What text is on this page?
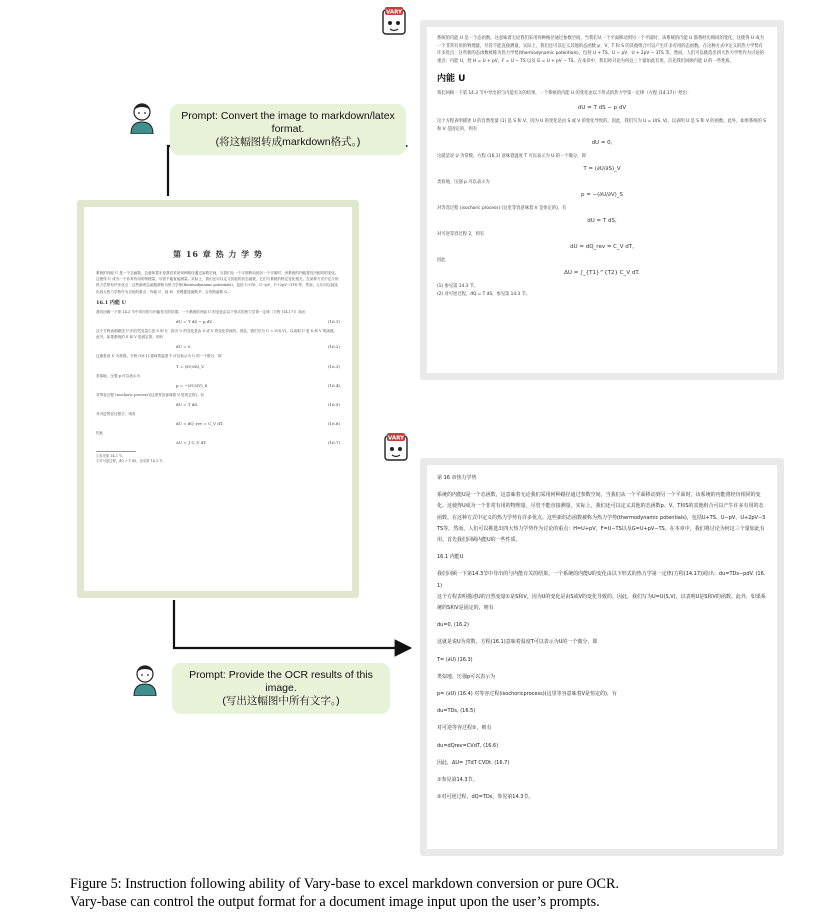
Prompt: Convert the image to markdown/latex format.
(将这幅图转成markdown格式。)
Prompt: Provide the OCR results of this image.
(写出这幅图中所有文字。)
VARY
VARY
第 16 章 热 力 学 势
系统的内能 U 是一个态函数，这意味着无论我们采用何种路径通过参数空间，当我们从一个平面移动到另一个平面时，该系统的内能将经历相同的变化。这使得 U 成为一个非常有用的物理量，尽管不能直接测量。实际上，我们还可以定义其他的状态函数，它们与系统的特定变化相关。在某种方式中定义的热力学势有许多优点：这些新的态函数被称为热力学势(thermodynamic potentials)，包括 U+TS、U−pV、U+2pV−3TS 等。然而，人们可以挑选出四大热力学势作为讨论的重点：内能 U、焓 H、亥姆霍兹函数 F、吉布斯函数 G。
16.1 内能 U
我们回顾一下第 14.3 节中导出的与内能有关的结果。一个系统的内能 U 的变化由以下形式的热力学第一定律（方程 (14.17)）给出：
dU = T dS − p dV	(16.1)
这个方程表明描述 U 的自然变量①是 S 和 V，因为 U 的变化是由 S 或 V 的变化导致的。因此，我们写为 U = U(S,V)。以表明 U 是 S 和 V 的函数。此外，如果系统的 S 和 V 是固定的，则有
dU = 0,	(16.2)
这就是说 U 为常数。方程 (16.1) 意味着温度 T 可以表示为 U 的一个微分，即
T = (∂U/∂S)_V	(16.3)
类似地，压强 p 可以表示为
p = −(∂U/∂V)_S	(16.4)
对等容过程 (isochoric process)(这里等容意味着 V 是恒定的)，有
dU = T dS,	(16.5)
对可逆等容过程②，则有
dU = dQ_rev = C_V dT,	(16.6)
因此
ΔU = ∫ C_V dT.	(16.7)
①参见第 14.3 节。
②对可逆过程，đQ = T dS，参见第 14.3 节。
系统的内能 U 是一个态函数。这意味着无论我们采用何种路径通过参数空间，当我们从一个平面移动到另一个平面时，该系统的内能 U 都将经历相同的变化。这使得 U 成为一个非常有用的物理量，尽管不能直接测量。实际上，我们还可以定义其他的态函数 p、V、T 和 S 的其他组合可以产生许多有用的态函数。在这种方式中定义的热力学势有许多优点：这些新的态函数被称为热力学势(thermodynamic potentials)，包括 U + TS、U − pV、U + 2pV − 3TS 等。然而，人们可以挑选出四大热力学势作为讨论的重点：内能 U，焓 H = U + pV，F = U − TS 以及 G = U + pV − TS。在本章中，我们将讨论为何这三个量如此有用。首先我们回顾内能 U 的一些性质。
内能 U
我们回顾一下第 14.3 节中导出的与内能有关的结果。一个系统的内能 U 的变化由以下形式的热力学第一定律（方程 (14.17)）给出：
dU = T dS − p dV
这个方程表明描述 U 的自然变量 (1) 是 S 和 V，因为 U 的变化是由 S 或 V 的变化导致的。因此，我们写为 U = U(S, V)，以表明 U 是 S 和 V 的函数。此外，如果系统的 S 和 V 是固定的，则有
dU = 0,
这就是说 U 为常数。方程 (16.1) 意味着温度 T 可以表示为 U 的一个微分，即
T = (∂U/∂S)_V
类似地，压强 p 可以表示为
p = −(∂U/∂V)_S
对等容过程 (isochoric process) (这里等容意味着 V 是恒定的)，有
dU = T dS,
对可逆等容过程 2，则有
dU = dQ_rev = C_V dT,
因此
ΔU = ∫_{T1}^{T2} C_V dT.
(1) 参见第 14.3 节。
(2) 对可逆过程，đQ = T dS，参见第 14.3 节。
第 16 章热力学势
系统的内能U是一个态函数，这意味着无论我们采用何种路径通过参数空间，当我们从一个平面移动到另一个平面时，该系统的内能将经历相同的变化。这使得U成为一个非常有用的物理量，尽管不能直接测量。实际上，我们还可以定义其他的态函数p、V、T和S的其他组合可以产生许多有用的态函数。在这种方式中定义的热力学势有许多优点。这些新的态函数被称为热力学势(thermodynamic potentials)，包括U+TS、U−pV、U+2pV−3TS等。然而，人们可以挑选出四大热力学势作为讨论的重点：H=U+pV，F=U−TS以及G=U+pV−TS。在本章中，我们将讨论为何这三个量如此有用。首先我们回顾内能U的一些性质。
16.1 内能U
我们回顾一下第14.3节中导出的与内能有关的结果。一个系统的内能U的变化由以下形式的热力学第一定律(方程(14.17))给出：du=TDs−pdV. (16.1)
这个方程表明描述U的自然变量①是S和V，因为U的变化是由S或V的变化导致的。因此，我们写为U=U(S,V)，以表明U是S和V的函数。此外，如果系统的S和V是固定的，则有
du=0, (16.2)
这就是说U为常数。方程(16.1)意味着温度T可以表示为U的一个微分，即
T= (∂U) (16.3)
类似地，压强p可以表示为
p= (∂U) (16.4) 对等容过程(isochoricprocess)(这里等容意味着V是恒定的)，有
du=TDs, (16.5)
对可逆等容过程②，则有
du=dQrev=CVdT, (16.6)
因此，ΔU= ∫TdT CVDt. (16.7)
①参见第14.3节。
②对可逆过程，dQ=TDs，参见第14.3节。
Figure 5: Instruction following ability of Vary-base to excel markdown conversion or pure OCR.
Vary-base can control the output format for a document image input upon the user’s prompts.
